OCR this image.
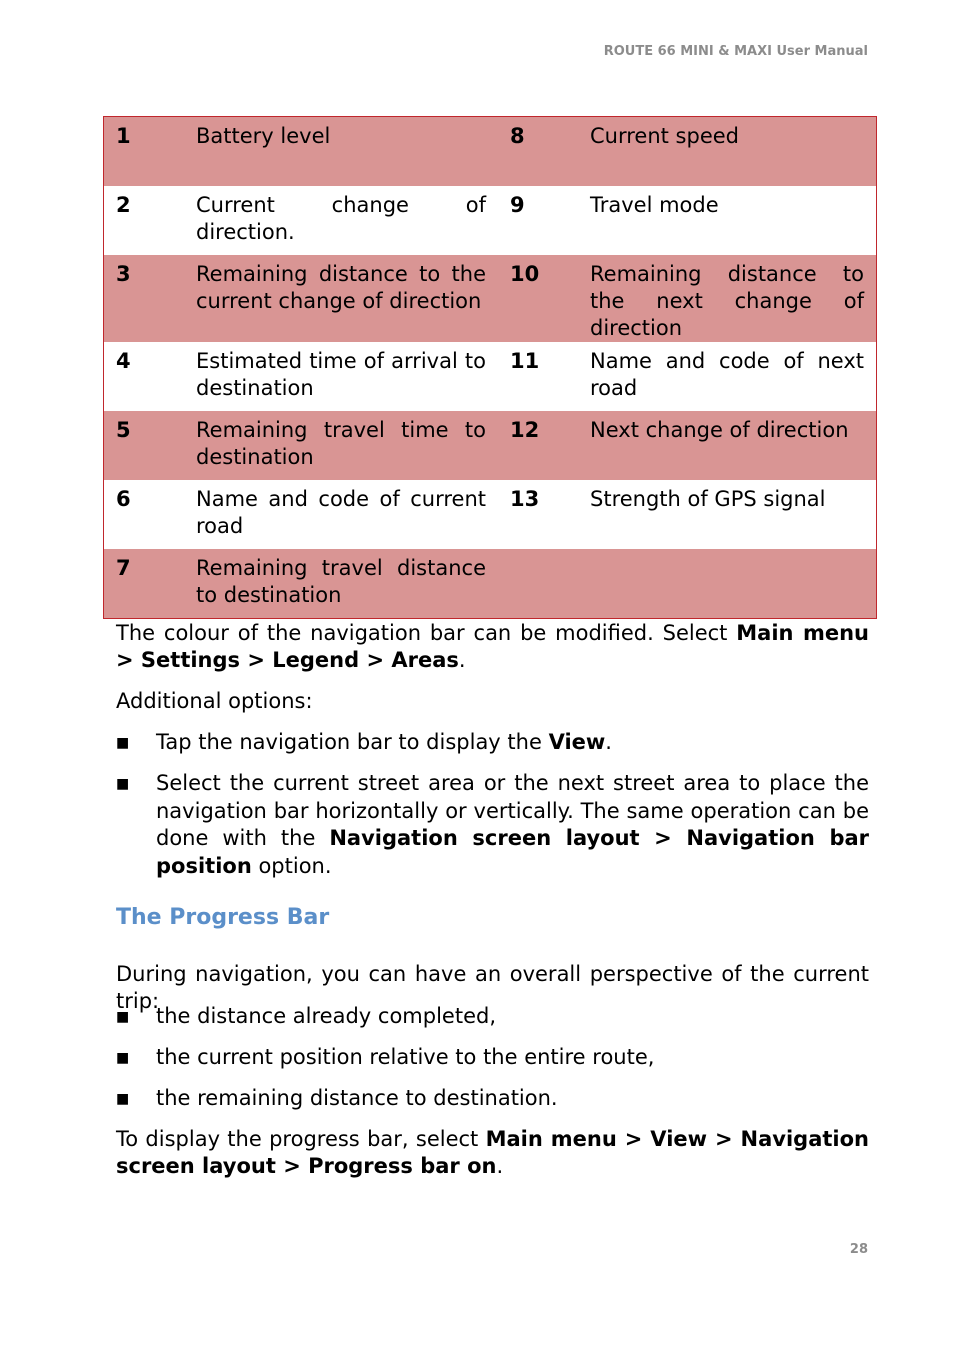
ROUTE 66 MINI & MAXI User Manual
1	Battery level	8	Current speed
2	Current change of direction.	9	Travel mode
3	Remaining distance to the current change of direction	10	Remaining distance to the next change of direction
4	Estimated time of arrival to destination	11	Name and code of next road
5	Remaining travel time to destination	12	Next change of direction
6	Name and code of current road	13	Strength of GPS signal
7	Remaining travel distance to destination		
The colour of the navigation bar can be modified. Select Main menu > Settings > Legend > Areas.
Additional options:
■ Tap the navigation bar to display the View.
■ Select the current street area or the next street area to place the navigation bar horizontally or vertically. The same operation can be done with the Navigation screen layout > Navigation bar position option.
The Progress Bar
During navigation, you can have an overall perspective of the current trip:
■ the distance already completed,
■ the current position relative to the entire route,
■ the remaining distance to destination.
To display the progress bar, select Main menu > View > Navigation screen layout > Progress bar on.
28
